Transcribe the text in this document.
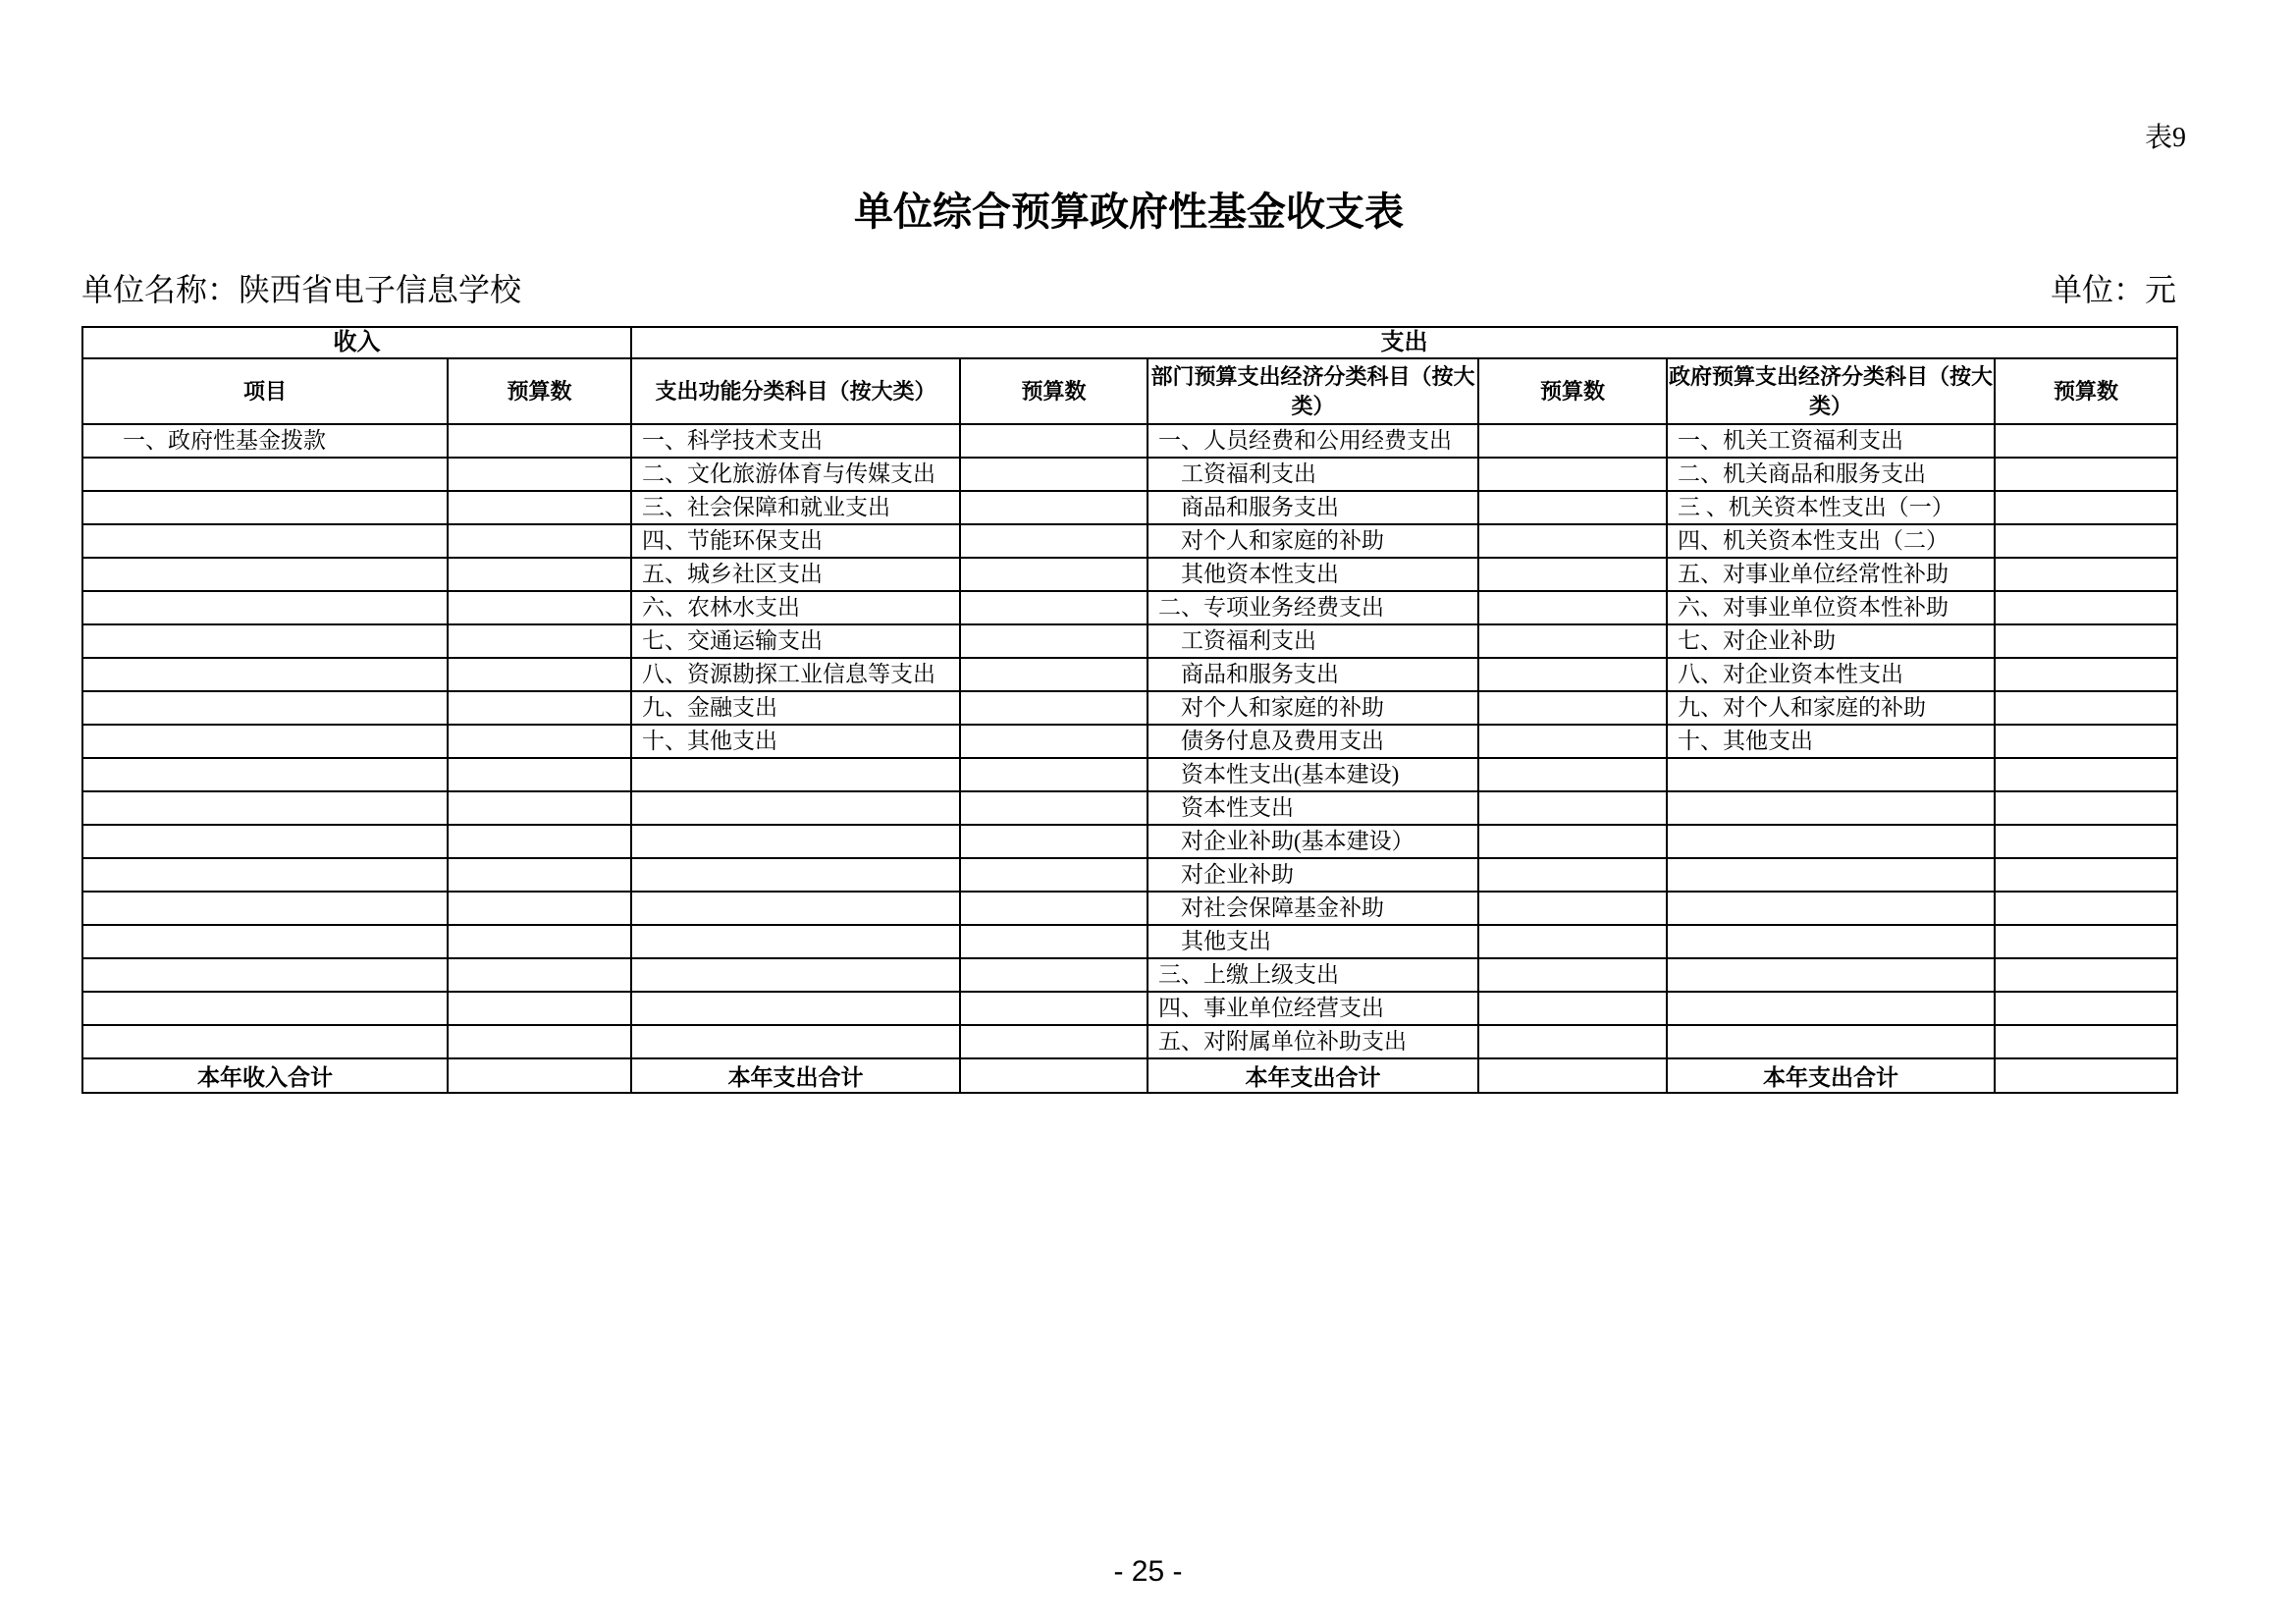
表9
单位综合预算政府性基金收支表
单位名称：陕西省电子信息学校	单位：元
收入		支出					
项目	预算数	支出功能分类科目（按大类）	预算数	部门预算支出经济分类科目（按大类）	预算数	政府预算支出经济分类科目（按大类）	预算数
一、政府性基金拨款		一、科学技术支出		一、人员经费和公用经费支出		一、机关工资福利支出	
		二、文化旅游体育与传媒支出		　工资福利支出		二、机关商品和服务支出	
		三、社会保障和就业支出		　商品和服务支出		三 、机关资本性支出（一）	
		四、节能环保支出		　对个人和家庭的补助		四、机关资本性支出（二）	
		五、城乡社区支出		　其他资本性支出		五、对事业单位经常性补助	
		六、农林水支出		二、专项业务经费支出		六、对事业单位资本性补助	
		七、交通运输支出		　工资福利支出		七、对企业补助	
		八、资源勘探工业信息等支出		　商品和服务支出		八、对企业资本性支出	
		九、金融支出		　对个人和家庭的补助		九、对个人和家庭的补助	
		十、其他支出		　债务付息及费用支出		十、其他支出	
				　资本性支出(基本建设)			
				　资本性支出			
				　对企业补助(基本建设）			
				　对企业补助			
				　对社会保障基金补助			
				　其他支出			
				三、上缴上级支出			
				四、事业单位经营支出			
				五、对附属单位补助支出			
本年收入合计		本年支出合计		本年支出合计		本年支出合计	
- 25 -
